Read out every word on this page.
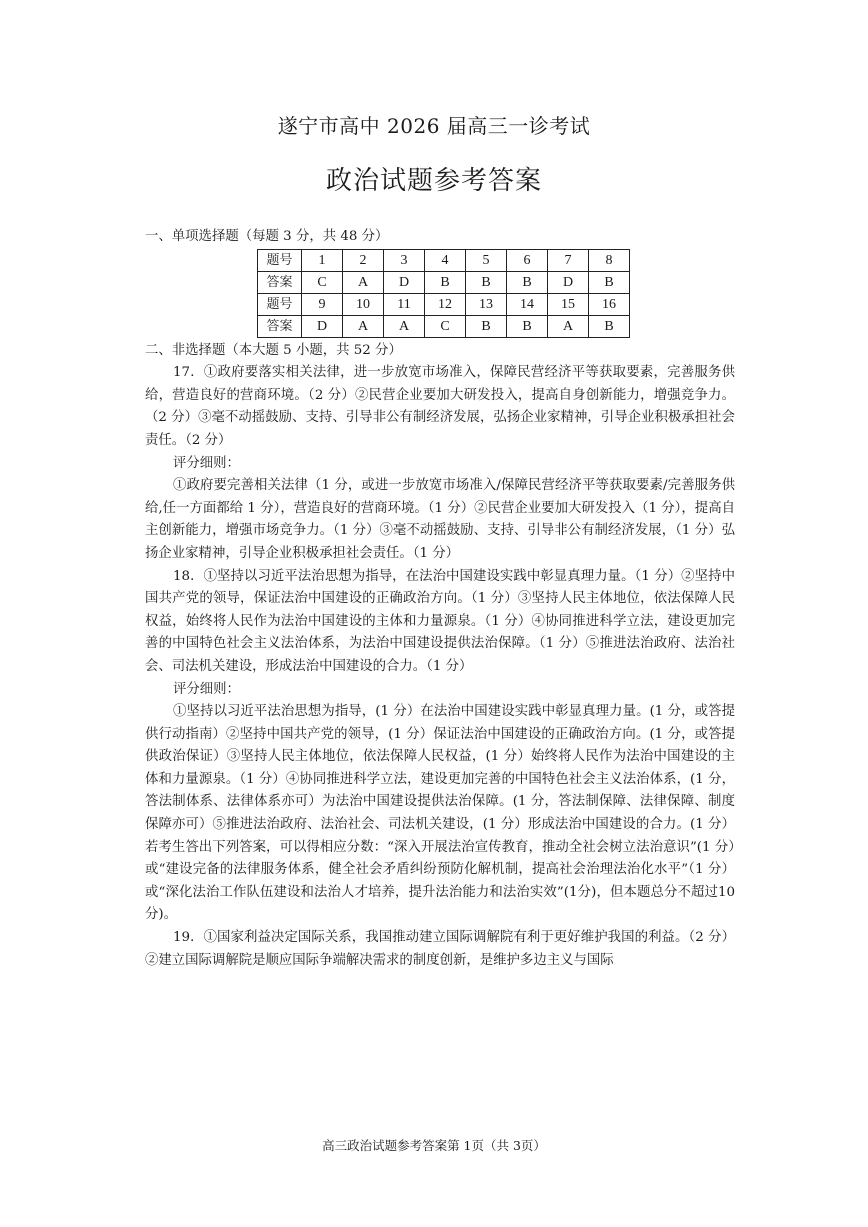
遂宁市高中 2026 届高三一诊考试
政治试题参考答案

一、单项选择题（每题 3 分，共 48 分）

题号	1	2	3	4	5	6	7	8
答案	C	A	D	B	B	B	D	B
题号	9	10	11	12	13	14	15	16
答案	D	A	A	C	B	B	A	B

二、非选择题（本大题 5 小题，共 52 分）

17．①政府要落实相关法律，进一步放宽市场准入，保障民营经济平等获取要素，完善服务供给，营造良好的营商环境。（2 分）②民营企业要加大研发投入，提高自身创新能力，增强竞争力。（2 分）③毫不动摇鼓励、支持、引导非公有制经济发展，弘扬企业家精神，引导企业积极承担社会责任。（2 分）

评分细则：

①政府要完善相关法律（1 分，或进一步放宽市场准入/保障民营经济平等获取要素/完善服务供给,任一方面都给 1 分），营造良好的营商环境。（1 分）②民营企业要加大研发投入（1 分），提高自主创新能力，增强市场竞争力。（1 分）③毫不动摇鼓励、支持、引导非公有制经济发展，（1 分）弘扬企业家精神，引导企业积极承担社会责任。（1 分）

18．①坚持以习近平法治思想为指导，在法治中国建设实践中彰显真理力量。（1 分）②坚持中国共产党的领导，保证法治中国建设的正确政治方向。（1 分）③坚持人民主体地位，依法保障人民权益，始终将人民作为法治中国建设的主体和力量源泉。（1 分）④协同推进科学立法，建设更加完善的中国特色社会主义法治体系，为法治中国建设提供法治保障。（1 分）⑤推进法治政府、法治社会、司法机关建设，形成法治中国建设的合力。（1 分）

评分细则：

①坚持以习近平法治思想为指导，(1 分）在法治中国建设实践中彰显真理力量。(1 分，或答提供行动指南）②坚持中国共产党的领导，(1 分）保证法治中国建设的正确政治方向。(1 分，或答提供政治保证）③坚持人民主体地位，依法保障人民权益，(1 分）始终将人民作为法治中国建设的主体和力量源泉。（1 分）④协同推进科学立法，建设更加完善的中国特色社会主义法治体系，(1 分，答法制体系、法律体系亦可）为法治中国建设提供法治保障。(1 分，答法制保障、法律保障、制度保障亦可）⑤推进法治政府、法治社会、司法机关建设，(1 分）形成法治中国建设的合力。(1 分）若考生答出下列答案，可以得相应分数：“深入开展法治宣传教育，推动全社会树立法治意识”(1 分）或“建设完备的法律服务体系，健全社会矛盾纠纷预防化解机制，提高社会治理法治化水平”（1 分）或“深化法治工作队伍建设和法治人才培养，提升法治能力和法治实效”(1分)，但本题总分不超过10分)。

19．①国家利益决定国际关系，我国推动建立国际调解院有利于更好维护我国的利益。（2 分）②建立国际调解院是顺应国际争端解决需求的制度创新，是维护多边主义与国际

高三政治试题参考答案第 1页（共 3页）
